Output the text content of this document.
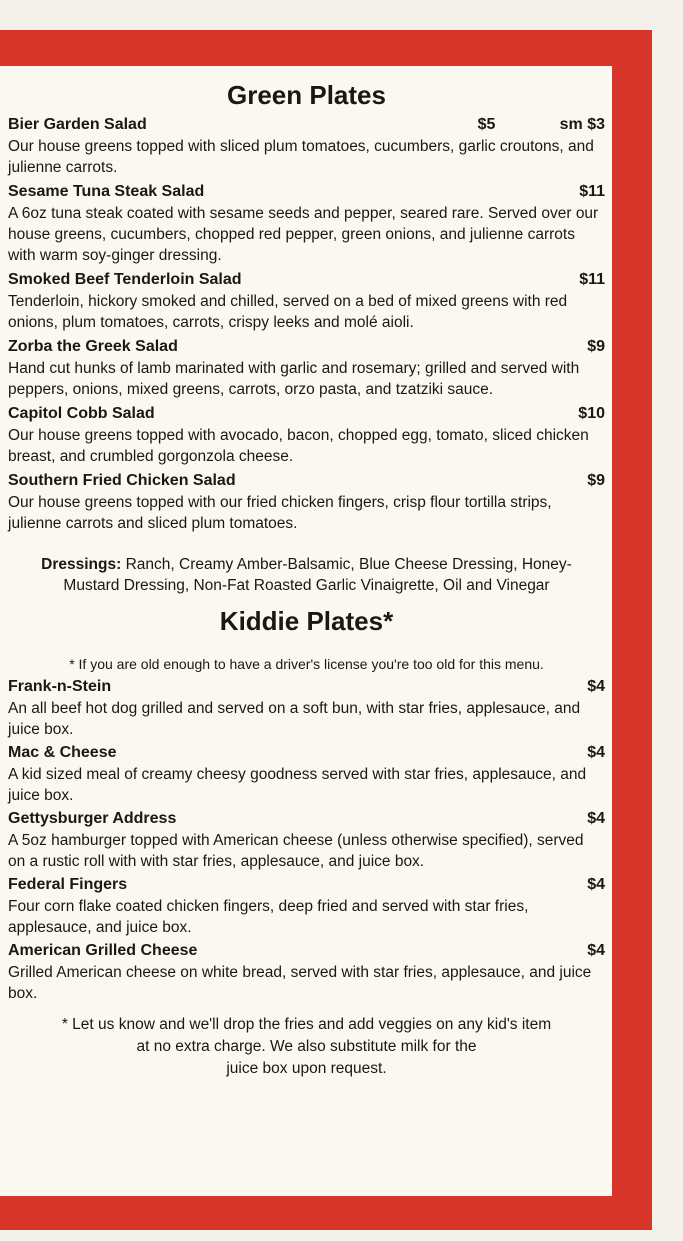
Green Plates
Bier Garden Salad	$5	sm $3
Our house greens topped with sliced plum tomatoes, cucumbers, garlic croutons, and julienne carrots.
Sesame Tuna Steak Salad	$11
A 6oz tuna steak coated with sesame seeds and pepper, seared rare. Served over our house greens, cucumbers, chopped red pepper, green onions, and julienne carrots with warm soy-ginger dressing.
Smoked Beef Tenderloin Salad	$11
Tenderloin, hickory smoked and chilled, served on a bed of mixed greens with red onions, plum tomatoes, carrots, crispy leeks and molé aioli.
Zorba the Greek Salad	$9
Hand cut hunks of lamb marinated with garlic and rosemary; grilled and served with peppers, onions, mixed greens, carrots, orzo pasta, and tzatziki sauce.
Capitol Cobb Salad	$10
Our house greens topped with avocado, bacon, chopped egg, tomato, sliced chicken breast, and crumbled gorgonzola cheese.
Southern Fried Chicken Salad	$9
Our house greens topped with our fried chicken fingers, crisp flour tortilla strips, julienne carrots and sliced plum tomatoes.
Dressings: Ranch, Creamy Amber-Balsamic, Blue Cheese Dressing, Honey-
Mustard Dressing, Non-Fat Roasted Garlic Vinaigrette, Oil and Vinegar
Kiddie Plates*
* If you are old enough to have a driver's license you're too old for this menu.
Frank-n-Stein	$4
An all beef hot dog grilled and served on a soft bun, with star fries, applesauce, and juice box.
Mac & Cheese	$4
A kid sized meal of creamy cheesy goodness served with star fries, applesauce, and juice box.
Gettysburger Address	$4
A 5oz hamburger topped with American cheese (unless otherwise specified), served on a rustic roll with with star fries, applesauce, and juice box.
Federal Fingers	$4
Four corn flake coated chicken fingers, deep fried and served with star fries, applesauce, and juice box.
American Grilled Cheese	$4
Grilled American cheese on white bread, served with star fries, applesauce, and juice box.
* Let us know and we'll drop the fries and add veggies on any kid's item
at no extra charge. We also substitute milk for the
juice box upon request.
